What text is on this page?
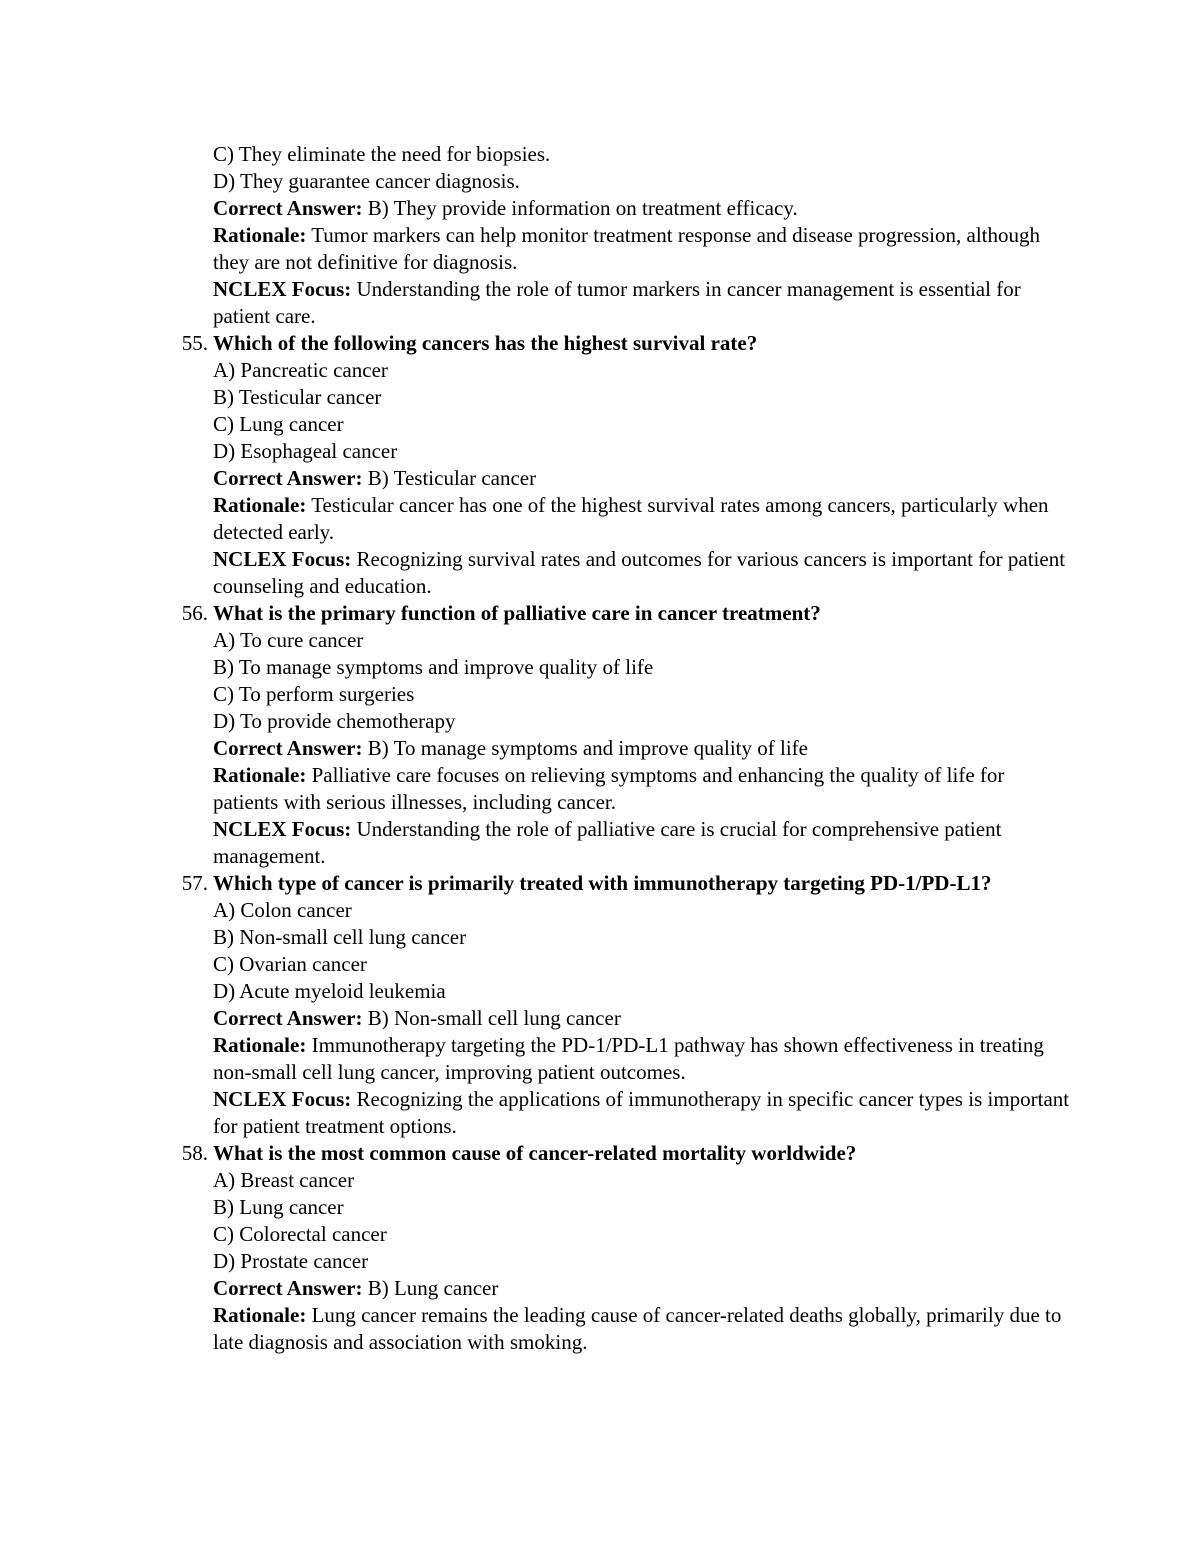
C) They eliminate the need for biopsies.
D) They guarantee cancer diagnosis.
Correct Answer: B) They provide information on treatment efficacy.
Rationale: Tumor markers can help monitor treatment response and disease progression, although they are not definitive for diagnosis.
NCLEX Focus: Understanding the role of tumor markers in cancer management is essential for patient care.
55. Which of the following cancers has the highest survival rate?
A) Pancreatic cancer
B) Testicular cancer
C) Lung cancer
D) Esophageal cancer
Correct Answer: B) Testicular cancer
Rationale: Testicular cancer has one of the highest survival rates among cancers, particularly when detected early.
NCLEX Focus: Recognizing survival rates and outcomes for various cancers is important for patient counseling and education.
56. What is the primary function of palliative care in cancer treatment?
A) To cure cancer
B) To manage symptoms and improve quality of life
C) To perform surgeries
D) To provide chemotherapy
Correct Answer: B) To manage symptoms and improve quality of life
Rationale: Palliative care focuses on relieving symptoms and enhancing the quality of life for patients with serious illnesses, including cancer.
NCLEX Focus: Understanding the role of palliative care is crucial for comprehensive patient management.
57. Which type of cancer is primarily treated with immunotherapy targeting PD-1/PD-L1?
A) Colon cancer
B) Non-small cell lung cancer
C) Ovarian cancer
D) Acute myeloid leukemia
Correct Answer: B) Non-small cell lung cancer
Rationale: Immunotherapy targeting the PD-1/PD-L1 pathway has shown effectiveness in treating non-small cell lung cancer, improving patient outcomes.
NCLEX Focus: Recognizing the applications of immunotherapy in specific cancer types is important for patient treatment options.
58. What is the most common cause of cancer-related mortality worldwide?
A) Breast cancer
B) Lung cancer
C) Colorectal cancer
D) Prostate cancer
Correct Answer: B) Lung cancer
Rationale: Lung cancer remains the leading cause of cancer-related deaths globally, primarily due to late diagnosis and association with smoking.
